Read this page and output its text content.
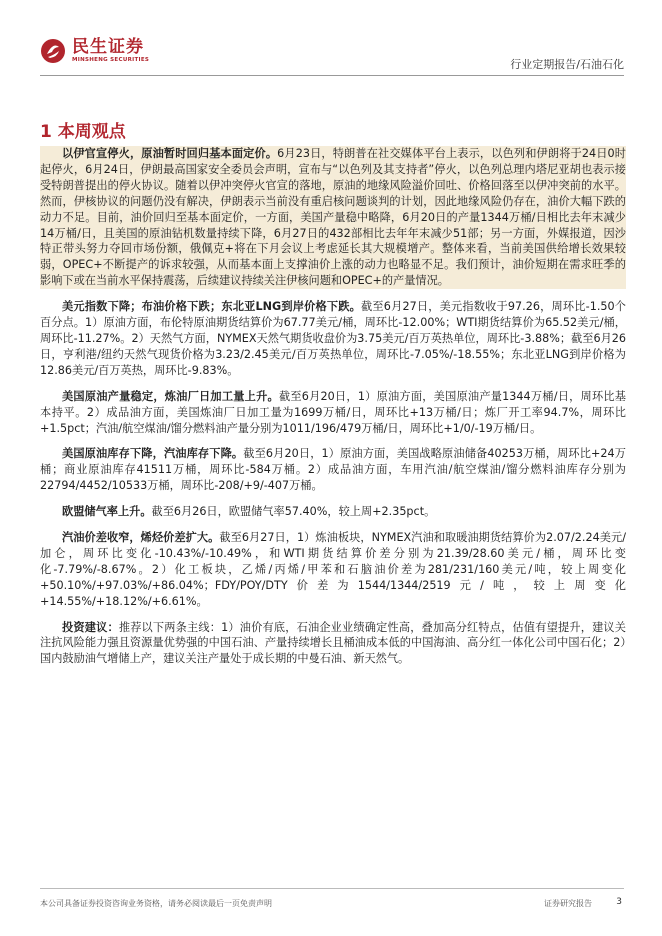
民生证券
MINSHENG SECURITIES	行业定期报告/石油石化
1 本周观点

以伊官宣停火，原油暂时回归基本面定价。6月23日，特朗普在社交媒体平台上表示，以色列和伊朗将于24日0时起停火，6月24日，伊朗最高国家安全委员会声明，宣布与“以色列及其支持者”停火，以色列总理内塔尼亚胡也表示接受特朗普提出的停火协议。随着以伊冲突停火官宣的落地，原油的地缘风险溢价回吐、价格回落至以伊冲突前的水平。然而，伊核协议的问题仍没有解决，伊朗表示当前没有重启核问题谈判的计划，因此地缘风险仍存在，油价大幅下跌的动力不足。目前，油价回归至基本面定价，一方面，美国产量稳中略降，6月20日的产量1344万桶/日相比去年末减少14万桶/日，且美国的原油钻机数量持续下降，6月27日的432部相比去年年末减少51部；另一方面，外媒报道，因沙特正带头努力夺回市场份额，俄佩克+将在下月会议上考虑延长其大规模增产。整体来看，当前美国供给增长效果较弱，OPEC+不断提产的诉求较强，从而基本面上支撑油价上涨的动力也略显不足。我们预计，油价短期在需求旺季的影响下或在当前水平保持震荡，后续建议持续关注伊核问题和OPEC+的产量情况。

美元指数下降；布油价格下跌；东北亚LNG到岸价格下跌。截至6月27日，美元指数收于97.26，周环比-1.50个百分点。1）原油方面，布伦特原油期货结算价为67.77美元/桶，周环比-12.00%；WTI期货结算价为65.52美元/桶，周环比-11.27%。2）天然气方面，NYMEX天然气期货收盘价为3.75美元/百万英热单位，周环比-3.88%；截至6月26日，亨利港/纽约天然气现货价格为3.23/2.45美元/百万英热单位，周环比-7.05%/-18.55%；东北亚LNG到岸价格为12.86美元/百万英热，周环比-9.83%。

美国原油产量稳定，炼油厂日加工量上升。截至6月20日，1）原油方面，美国原油产量1344万桶/日，周环比基本持平。2）成品油方面，美国炼油厂日加工量为1699万桶/日，周环比+13万桶/日；炼厂开工率94.7%，周环比+1.5pct；汽油/航空煤油/馏分燃料油产量分别为1011/196/479万桶/日，周环比+1/0/-19万桶/日。

美国原油库存下降，汽油库存下降。截至6月20日，1）原油方面，美国战略原油储备40253万桶，周环比+24万桶；商业原油库存41511万桶，周环比-584万桶。2）成品油方面，车用汽油/航空煤油/馏分燃料油库存分别为22794/4452/10533万桶，周环比-208/+9/-407万桶。

欧盟储气率上升。截至6月26日，欧盟储气率57.40%，较上周+2.35pct。

汽油价差收窄，烯烃价差扩大。截至6月27日，1）炼油板块，NYMEX汽油和取暖油期货结算价为2.07/2.24美元/加仑，周环比变化-10.43%/-10.49%，和WTI期货结算价差分别为21.39/28.60美元/桶，周环比变化-7.79%/-8.67%。2）化工板块，乙烯/丙烯/甲苯和石脑油价差为281/231/160美元/吨，较上周变化+50.10%/+97.03%/+86.04%；FDY/POY/DTY价差为1544/1344/2519元/吨，较上周变化+14.55%/+18.12%/+6.61%。

投资建议：推荐以下两条主线：1）油价有底，石油企业业绩确定性高，叠加高分红特点，估值有望提升，建议关注抗风险能力强且资源量优势强的中国石油、产量持续增长且桶油成本低的中国海油、高分红一体化公司中国石化；2）国内鼓励油气增储上产，建议关注产量处于成长期的中曼石油、新天然气。

本公司具备证券投资咨询业务资格，请务必阅读最后一页免责声明	证券研究报告	3
